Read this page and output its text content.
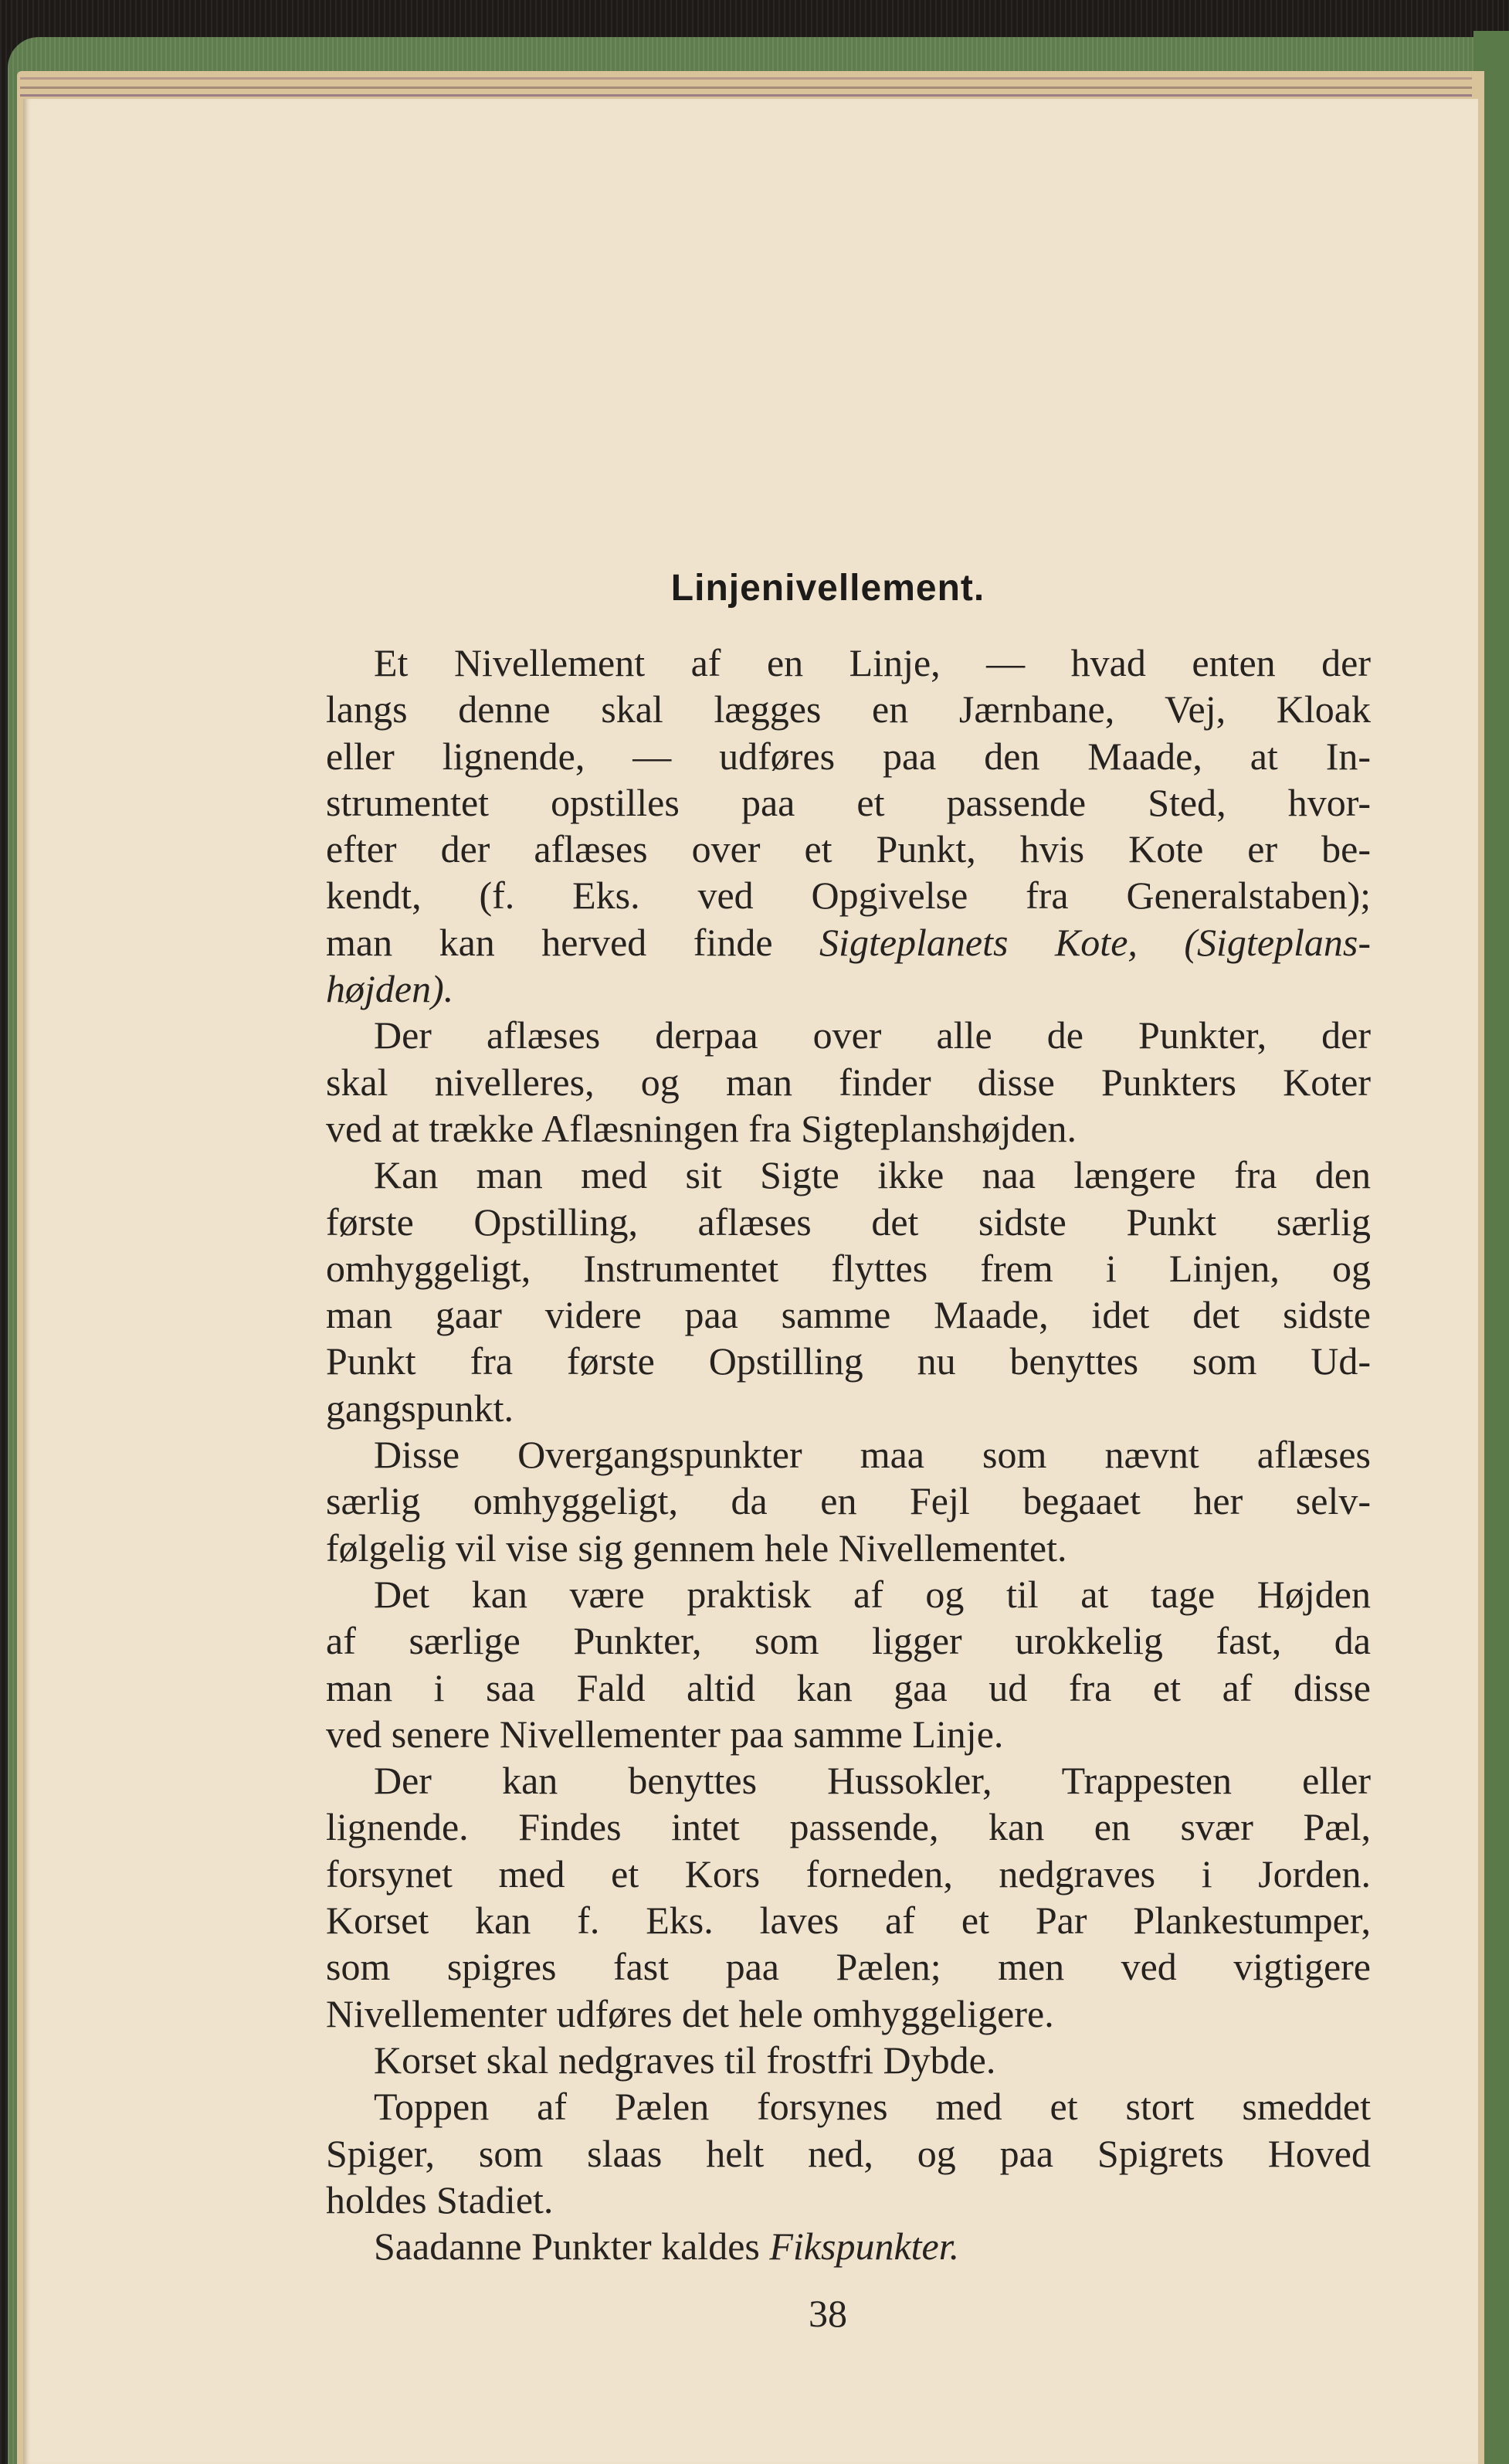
Linjenivellement.
Et Nivellement af en Linje, — hvad enten der
langs denne skal lægges en Jærnbane, Vej, Kloak
eller lignende, — udføres paa den Maade, at In-
strumentet opstilles paa et passende Sted, hvor-
efter der aflæses over et Punkt, hvis Kote er be-
kendt, (f. Eks. ved Opgivelse fra Generalstaben);
man kan herved finde Sigteplanets Kote, (Sigteplans-
højden).
Der aflæses derpaa over alle de Punkter, der
skal nivelleres, og man finder disse Punkters Koter
ved at trække Aflæsningen fra Sigteplanshøjden.
Kan man med sit Sigte ikke naa længere fra den
første Opstilling, aflæses det sidste Punkt særlig
omhyggeligt, Instrumentet flyttes frem i Linjen, og
man gaar videre paa samme Maade, idet det sidste
Punkt fra første Opstilling nu benyttes som Ud-
gangspunkt.
Disse Overgangspunkter maa som nævnt aflæses
særlig omhyggeligt, da en Fejl begaaet her selv-
følgelig vil vise sig gennem hele Nivellementet.
Det kan være praktisk af og til at tage Højden
af særlige Punkter, som ligger urokkelig fast, da
man i saa Fald altid kan gaa ud fra et af disse
ved senere Nivellementer paa samme Linje.
Der kan benyttes Hussokler, Trappesten eller
lignende. Findes intet passende, kan en svær Pæl,
forsynet med et Kors forneden, nedgraves i Jorden.
Korset kan f. Eks. laves af et Par Plankestumper,
som spigres fast paa Pælen; men ved vigtigere
Nivellementer udføres det hele omhyggeligere.
Korset skal nedgraves til frostfri Dybde.
Toppen af Pælen forsynes med et stort smeddet
Spiger, som slaas helt ned, og paa Spigrets Hoved
holdes Stadiet.
Saadanne Punkter kaldes Fikspunkter.
38
